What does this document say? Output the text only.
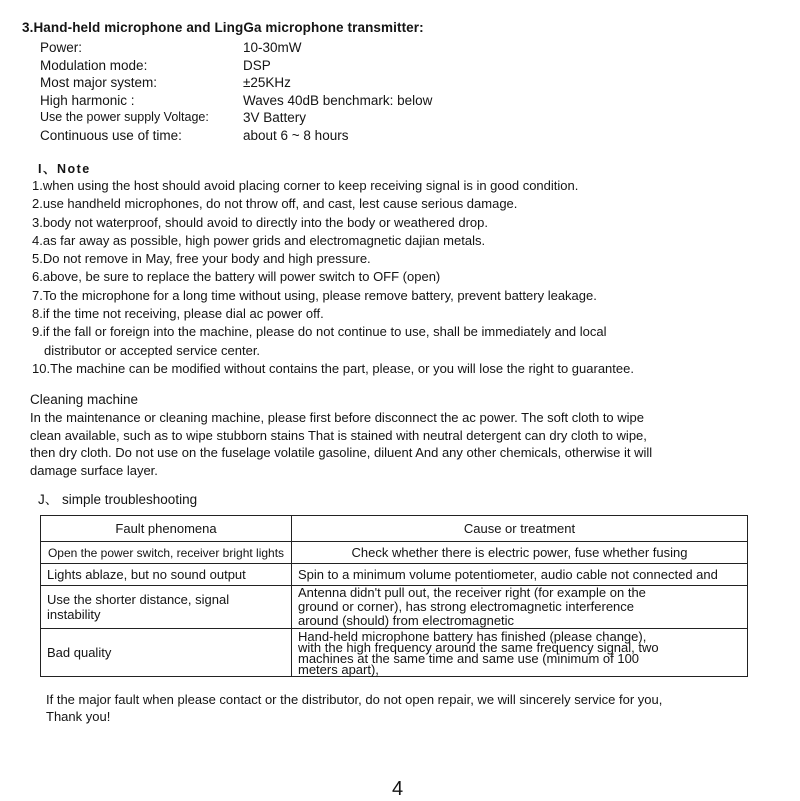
3.Hand-held microphone and LingGa microphone transmitter:
Power:	10-30mW
Modulation mode:	DSP
Most major system:	±25KHz
High harmonic :	Waves 40dB benchmark: below
Use the power supply Voltage:	3V Battery
Continuous use of time:	about 6 ~ 8 hours
I、Note
1.when using the host should avoid placing corner to keep receiving signal is in good condition.
2.use handheld microphones, do not throw off, and cast, lest cause serious damage.
3.body not waterproof, should avoid to directly into the body or weathered drop.
4.as far away as possible, high power grids and electromagnetic dajian metals.
5.Do not remove in May, free your body and high pressure.
6.above, be sure to replace the battery will power switch to OFF (open)
7.To the microphone for a long time without using, please remove battery, prevent battery leakage.
8.if the time not receiving, please dial ac power off.
9.if the fall or foreign into the machine, please do not continue to use, shall be immediately and local
distributor or accepted service center.
10.The machine can be modified without contains the part, please, or you will lose the right to guarantee.
Cleaning machine
In the maintenance or cleaning machine, please first before disconnect the ac power. The soft cloth to wipe
clean available, such as to wipe stubborn stains That is stained with neutral detergent can dry cloth to wipe,
then dry cloth. Do not use on the fuselage volatile gasoline, diluent And any other chemicals, otherwise it will
damage surface layer.
J、 simple troubleshooting
Fault phenomena	Cause or treatment
Open the power switch, receiver bright lights	Check whether there is electric power, fuse whether fusing

Lights ablaze, but no sound output	Spin to a minimum volume potentiometer, audio cable not connected and

Use the shorter distance, signal instability	Antenna didn't pull out, the receiver right (for example on the
ground or corner), has strong electromagnetic interference
around (should) from electromagnetic

Bad quality	Hand-held microphone battery has finished (please change),
with the high frequency around the same frequency signal, two
machines at the same time and same use (minimum of 100
meters apart),
If the major fault when please contact or the distributor, do not open repair, we will sincerely service for you,
Thank you!
4
